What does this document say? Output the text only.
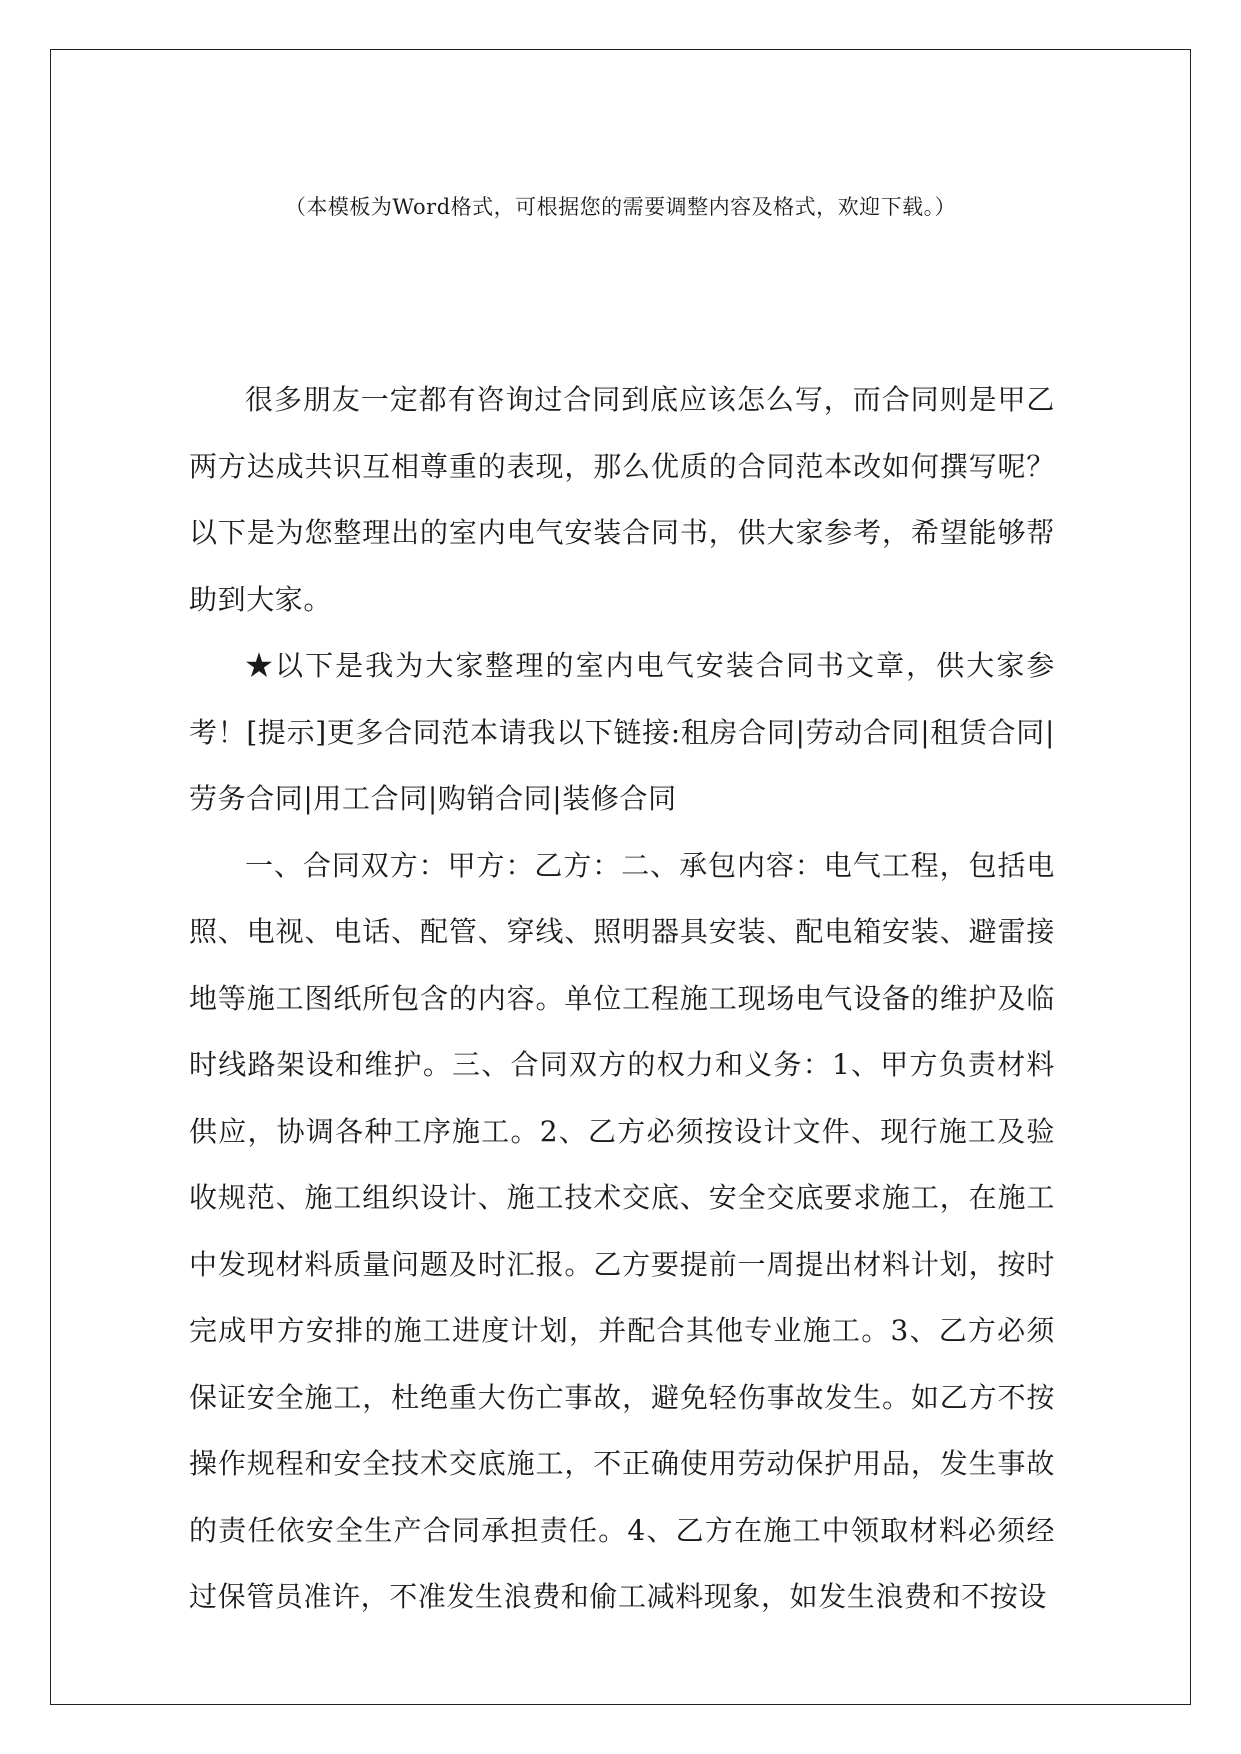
（本模板为Word格式，可根据您的需要调整内容及格式，欢迎下载。）

很多朋友一定都有咨询过合同到底应该怎么写，而合同则是甲乙两方达成共识互相尊重的表现，那么优质的合同范本改如何撰写呢？以下是为您整理出的室内电气安装合同书，供大家参考，希望能够帮助到大家。

★以下是我为大家整理的室内电气安装合同书文章，供大家参考！[提示]更多合同范本请我以下链接:租房合同|劳动合同|租赁合同|劳务合同|用工合同|购销合同|装修合同

一、合同双方：甲方：乙方：二、承包内容：电气工程，包括电照、电视、电话、配管、穿线、照明器具安装、配电箱安装、避雷接地等施工图纸所包含的内容。单位工程施工现场电气设备的维护及临时线路架设和维护。三、合同双方的权力和义务：1、甲方负责材料供应，协调各种工序施工。2、乙方必须按设计文件、现行施工及验收规范、施工组织设计、施工技术交底、安全交底要求施工，在施工中发现材料质量问题及时汇报。乙方要提前一周提出材料计划，按时完成甲方安排的施工进度计划，并配合其他专业施工。3、乙方必须保证安全施工，杜绝重大伤亡事故，避免轻伤事故发生。如乙方不按操作规程和安全技术交底施工，不正确使用劳动保护用品，发生事故的责任依安全生产合同承担责任。4、乙方在施工中领取材料必须经过保管员准许，不准发生浪费和偷工减料现象，如发生浪费和不按设
